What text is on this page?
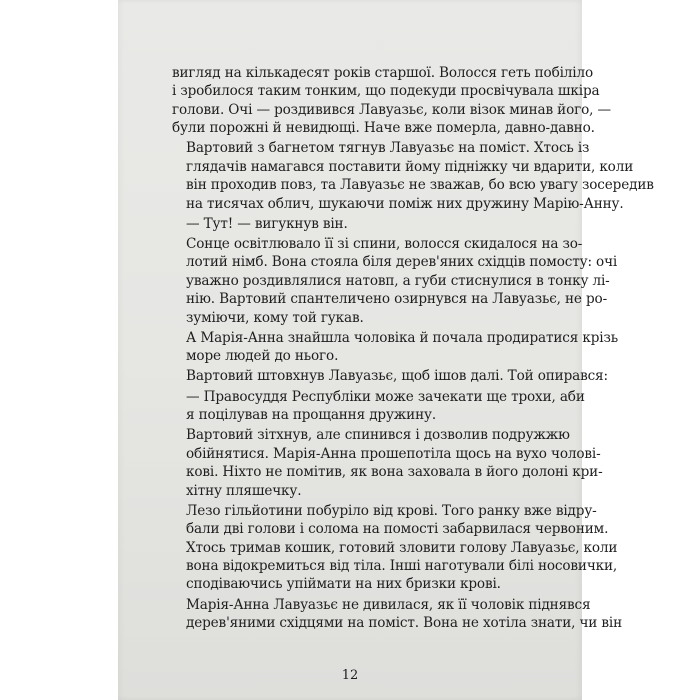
вигляд на кількадесят років старшої. Волосся геть побіліло
і зробилося таким тонким, що подекуди просвічувала шкіра
голови. Очі — роздивився Лавуазьє, коли візок минав його, —
були порожні й невидющі. Наче вже померла, давно-давно.
Вартовий з багнетом тягнув Лавуазьє на поміст. Хтось із
глядачів намагався поставити йому підніжку чи вдарити, коли
він проходив повз, та Лавуазьє не зважав, бо всю увагу зосередив
на тисячах облич, шукаючи поміж них дружину Марію-Анну.
— Тут! — вигукнув він.
Сонце освітлювало її зі спини, волосся скидалося на зо-
лотий німб. Вона стояла біля дерев'яних східців помосту: очі
уважно роздивлялися натовп, а губи стиснулися в тонку лі-
нію. Вартовий спантеличено озирнувся на Лавуазьє, не ро-
зуміючи, кому той гукав.
А Марія-Анна знайшла чоловіка й почала продиратися крізь
море людей до нього.
Вартовий штовхнув Лавуазьє, щоб ішов далі. Той опирався:
— Правосуддя Республіки може зачекати ще трохи, аби
я поцілував на прощання дружину.
Вартовий зітхнув, але спинився і дозволив подружжю
обійнятися. Марія-Анна прошепотіла щось на вухо чолові-
кові. Ніхто не помітив, як вона заховала в його долоні кри-
хітну пляшечку.
Лезо гільйотини побуріло від крові. Того ранку вже відру-
бали дві голови і солома на помості забарвилася червоним.
Хтось тримав кошик, готовий зловити голову Лавуазьє, коли
вона відокремиться від тіла. Інші наготували білі носовички,
сподіваючись упіймати на них бризки крові.
Марія-Анна Лавуазьє не дивилася, як її чоловік піднявся
дерев'яними східцями на поміст. Вона не хотіла знати, чи він
12
